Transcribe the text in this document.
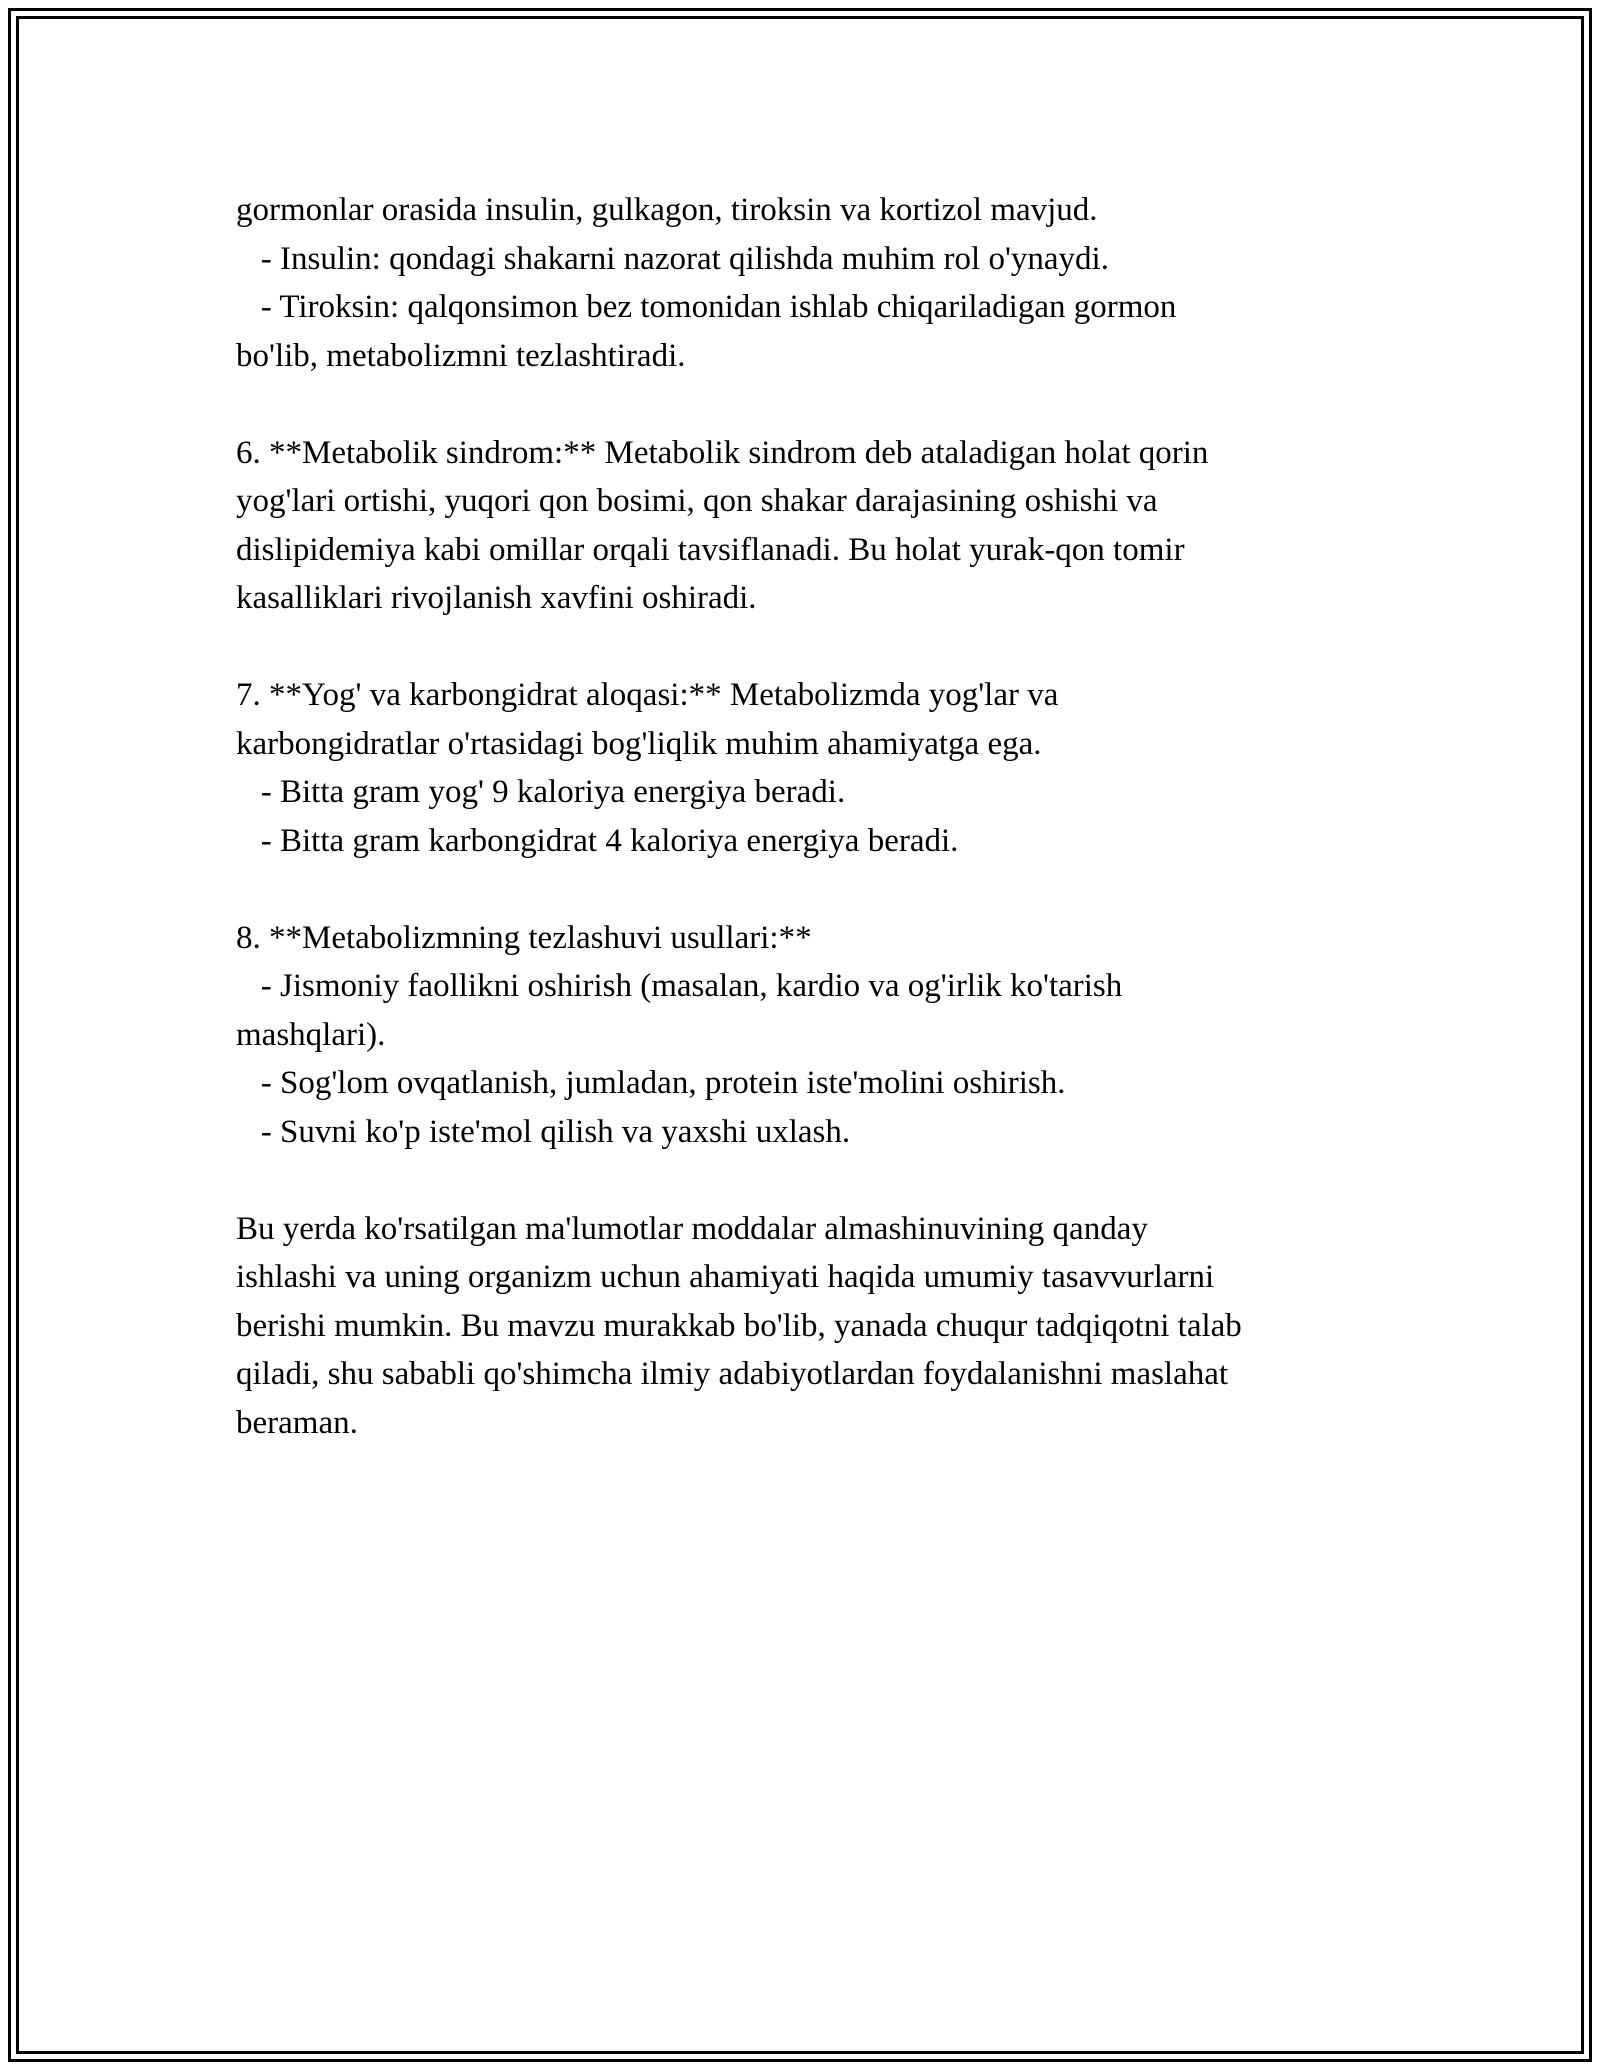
gormonlar orasida insulin, gulkagon, tiroksin va kortizol mavjud.
- Insulin: qondagi shakarni nazorat qilishda muhim rol o'ynaydi.
- Tiroksin: qalqonsimon bez tomonidan ishlab chiqariladigan gormon
bo'lib, metabolizmni tezlashtiradi.
6. **Metabolik sindrom:** Metabolik sindrom deb ataladigan holat qorin
yog'lari ortishi, yuqori qon bosimi, qon shakar darajasining oshishi va
dislipidemiya kabi omillar orqali tavsiflanadi. Bu holat yurak-qon tomir
kasalliklari rivojlanish xavfini oshiradi.
7. **Yog' va karbongidrat aloqasi:** Metabolizmda yog'lar va
karbongidratlar o'rtasidagi bog'liqlik muhim ahamiyatga ega.
- Bitta gram yog' 9 kaloriya energiya beradi.
- Bitta gram karbongidrat 4 kaloriya energiya beradi.
8. **Metabolizmning tezlashuvi usullari:**
- Jismoniy faollikni oshirish (masalan, kardio va og'irlik ko'tarish
mashqlari).
- Sog'lom ovqatlanish, jumladan, protein iste'molini oshirish.
- Suvni ko'p iste'mol qilish va yaxshi uxlash.
Bu yerda ko'rsatilgan ma'lumotlar moddalar almashinuvining qanday
ishlashi va uning organizm uchun ahamiyati haqida umumiy tasavvurlarni
berishi mumkin. Bu mavzu murakkab bo'lib, yanada chuqur tadqiqotni talab
qiladi, shu sababli qo'shimcha ilmiy adabiyotlardan foydalanishni maslahat
beraman.
